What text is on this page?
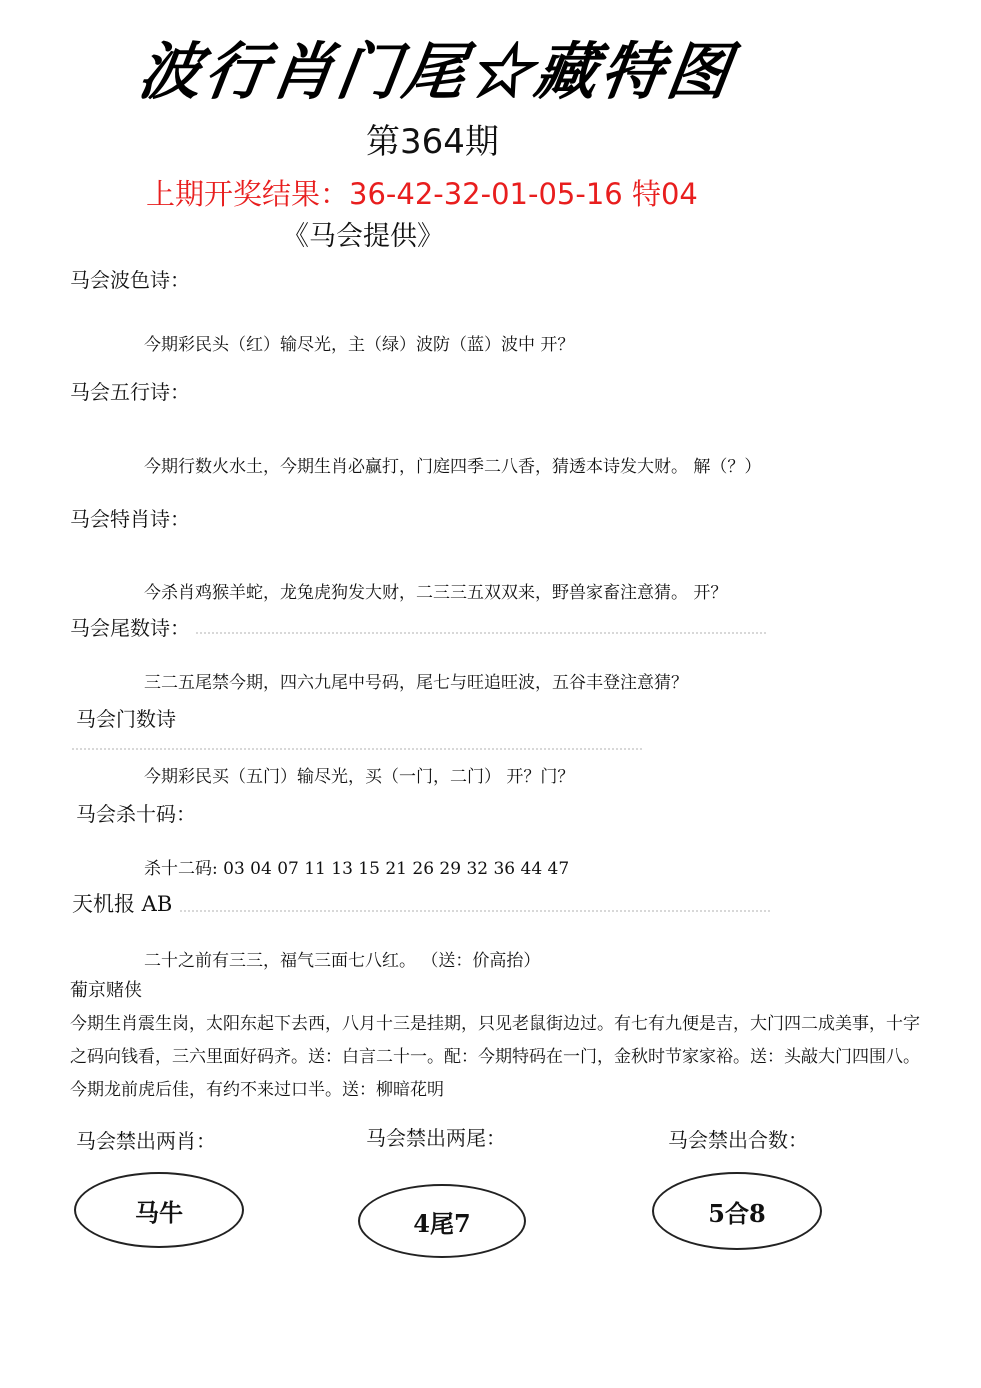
波行肖门尾☆藏特图
第364期
上期开奖结果：36-42-32-01-05-16 特04
《马会提供》
马会波色诗：
今期彩民头（红）输尽光，主（绿）波防（蓝）波中 开？
马会五行诗：
今期行数火水土，今期生肖必赢打，门庭四季二八香，猜透本诗发大财。 解（？）
马会特肖诗：
今杀肖鸡猴羊蛇，龙兔虎狗发大财，二三三五双双来，野兽家畜注意猜。 开？
马会尾数诗：
三二五尾禁今期，四六九尾中号码，尾七与旺追旺波，五谷丰登注意猜？
马会门数诗
今期彩民买（五门）输尽光，买（一门，二门） 开？门？
马会杀十码：
杀十二码: 03 04 07 11 13 15 21 26 29 32 36 44 47
天机报 AB
二十之前有三三，福气三面七八红。 （送：价高抬）
葡京赌侠
今期生肖震生岗，太阳东起下去西，八月十三是挂期，只见老鼠街边过。有七有九便是吉，大门四二成美事，十字之码向钱看，三六里面好码齐。送：白言二十一。配：今期特码在一门，金秋时节家家裕。送：头敲大门四围八。今期龙前虎后佳，有约不来过口半。送：柳暗花明
马会禁出两肖：	马会禁出两尾：	马会禁出合数：
马牛	4尾7	5合8
